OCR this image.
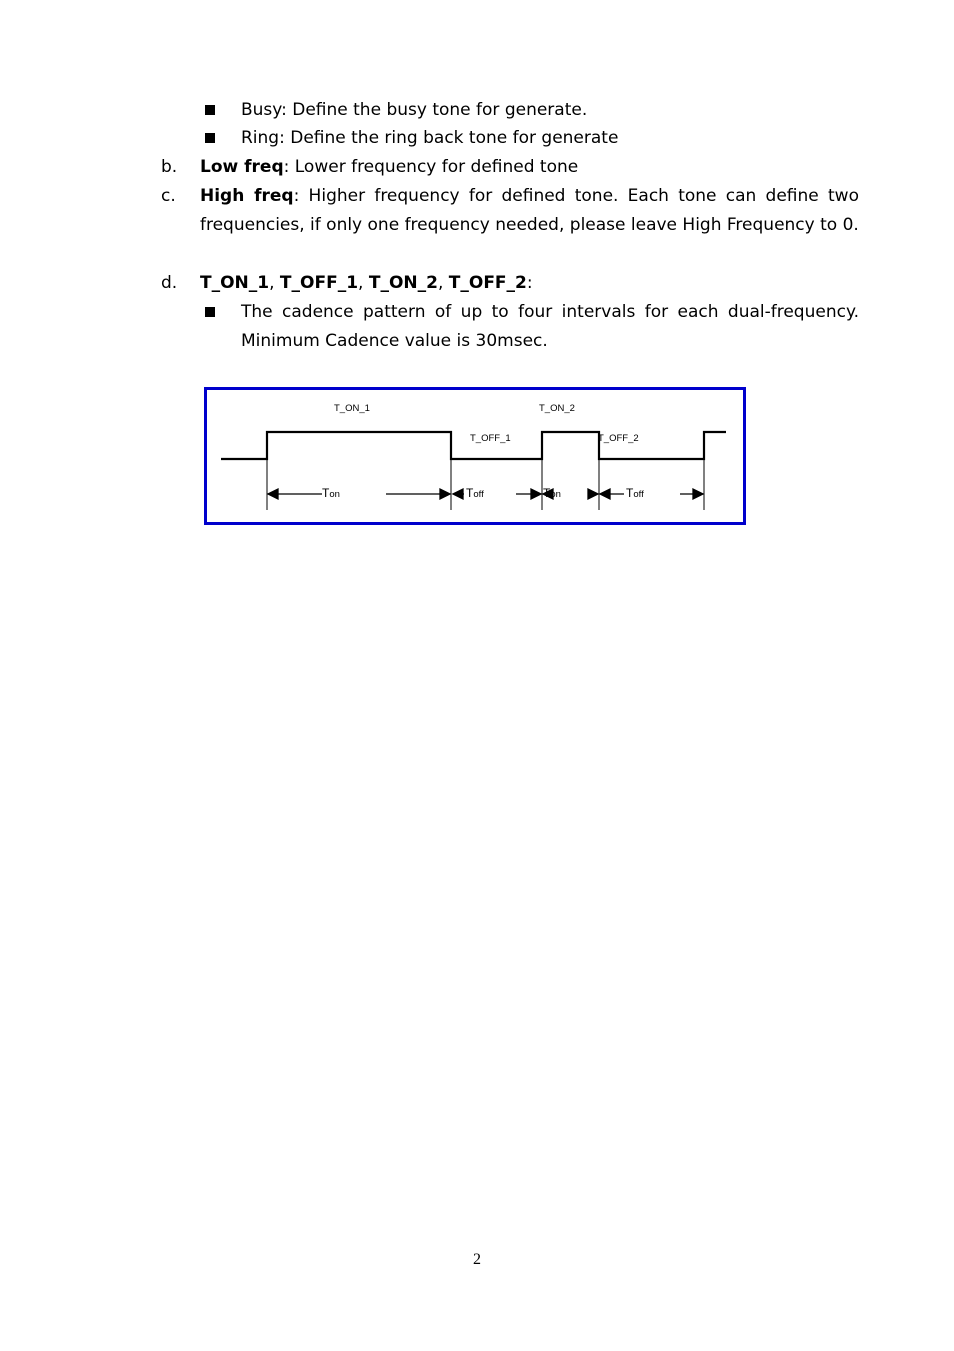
Busy: Define the busy tone for generate.
Ring: Define the ring back tone for generate
b. Low freq: Lower frequency for defined tone
c. High freq: Higher frequency for defined tone. Each tone can define two frequencies, if only one frequency needed, please leave High Frequency to 0.
d. T_ON_1, T_OFF_1, T_ON_2, T_OFF_2:
The cadence pattern of up to four intervals for each dual-frequency. Minimum Cadence value is 30msec.
T_ON_1	T_ON_2
T_OFF_1	T_OFF_2
Ton	Toff	Ton	Toff
2
